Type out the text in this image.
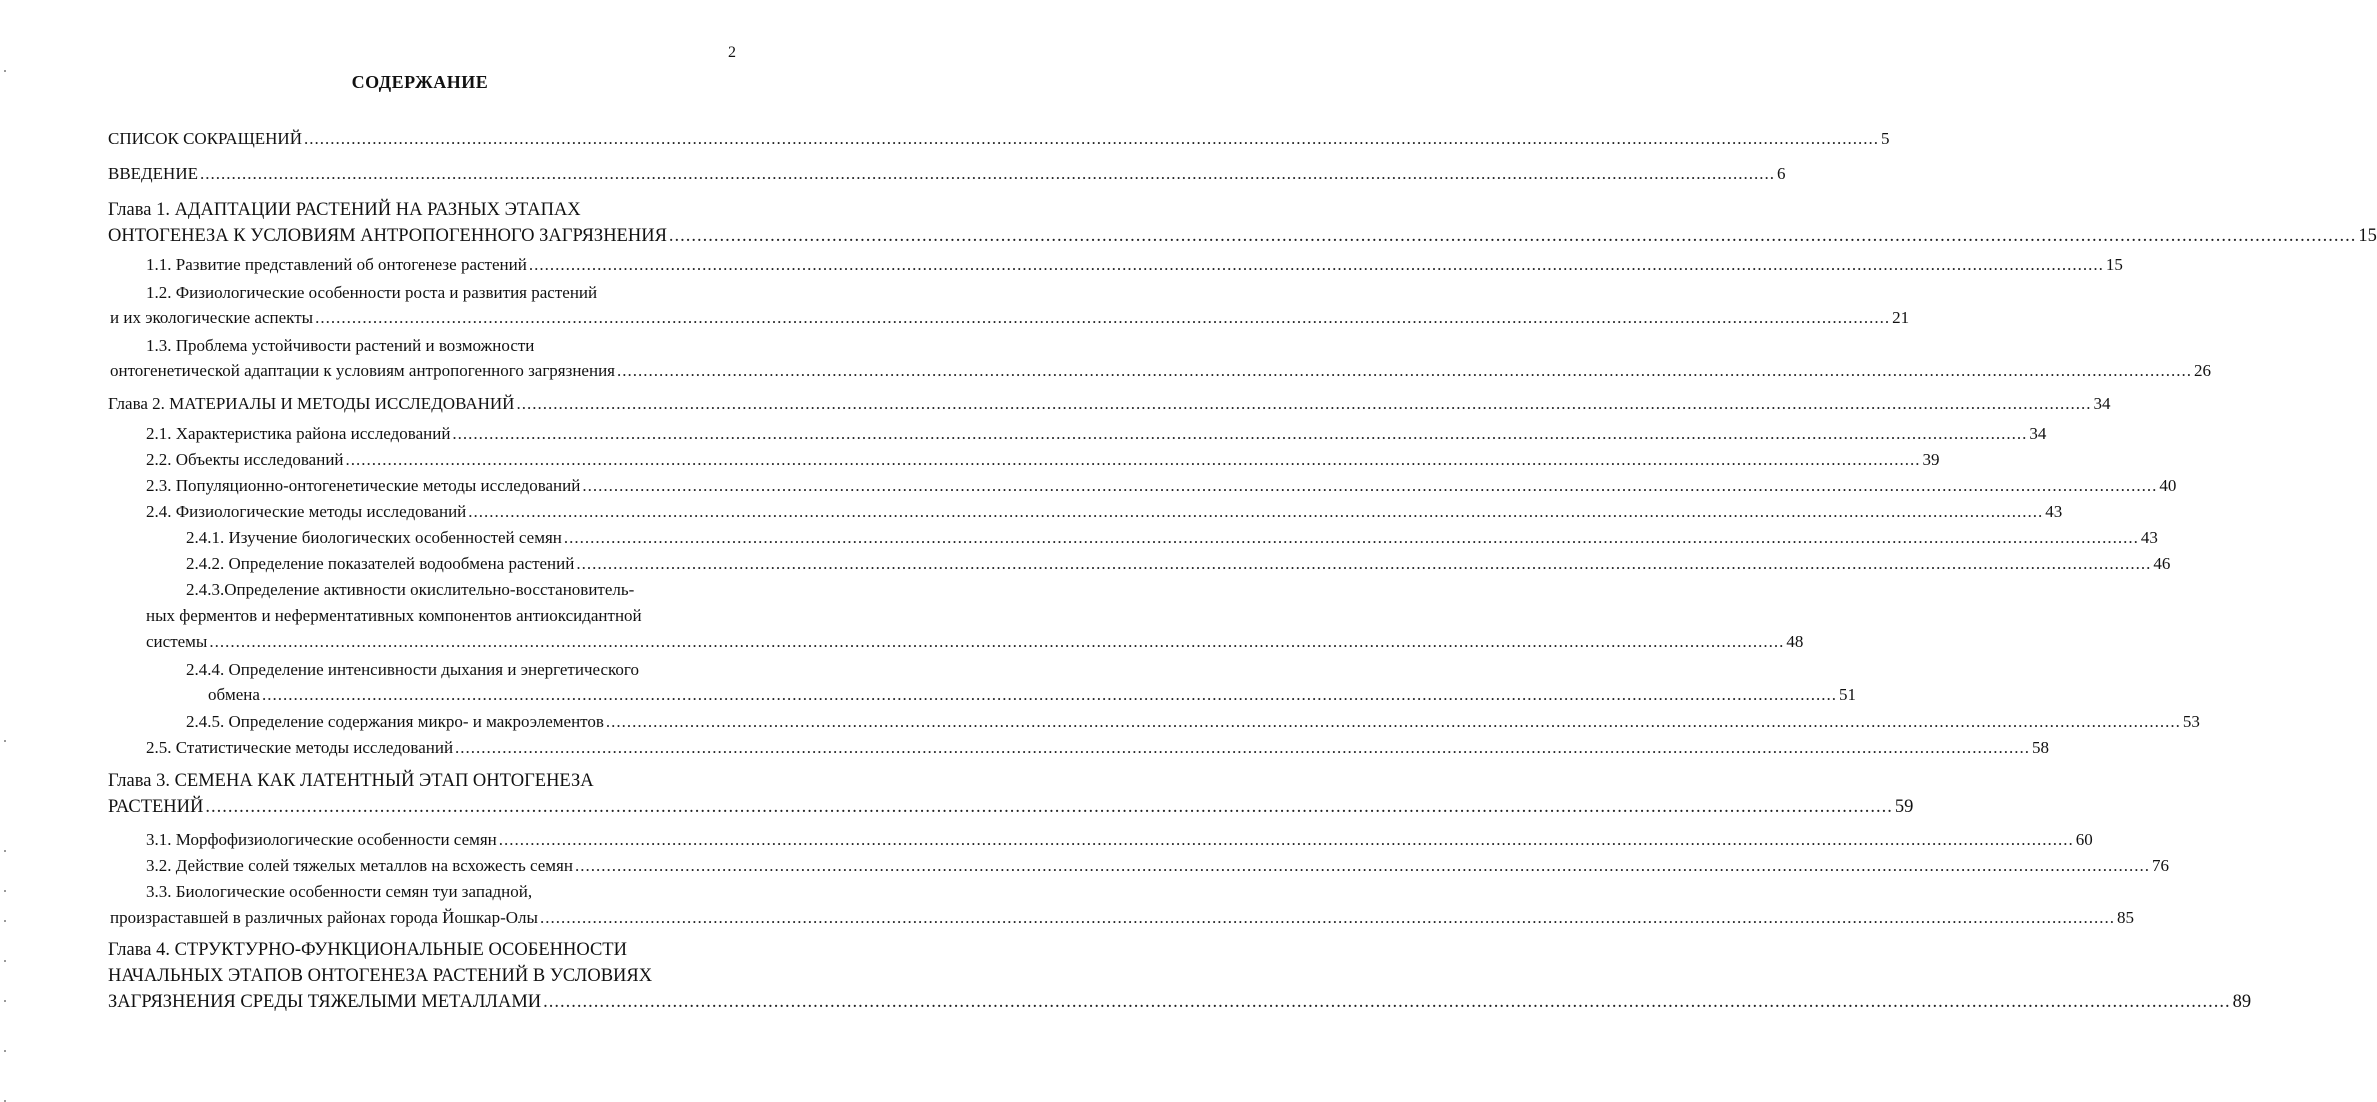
2
СОДЕРЖАНИЕ
СПИСОК СОКРАЩЕНИЙ ............................................................................................................................................................................................................................................................................................................ 5
ВВЕДЕНИЕ ............................................................................................................................................................................................................................................................................................................ 6
Глава 1. АДАПТАЦИИ РАСТЕНИЙ НА РАЗНЫХ ЭТАПАХ
ОНТОГЕНЕЗА К УСЛОВИЯМ АНТРОПОГЕННОГО ЗАГРЯЗНЕНИЯ ............................................................................................................................................................................................................................................................................................................ 15
1.1. Развитие представлений об онтогенезе растений ............................................................................................................................................................................................................................................................................................................ 15
1.2. Физиологические особенности роста и развития растений
и их экологические аспекты ............................................................................................................................................................................................................................................................................................................ 21
1.3. Проблема устойчивости растений и возможности
онтогенетической адаптации к условиям антропогенного загрязнения ............................................................................................................................................................................................................................................................................................................ 26
Глава 2. МАТЕРИАЛЫ И МЕТОДЫ ИССЛЕДОВАНИЙ ............................................................................................................................................................................................................................................................................................................ 34
2.1. Характеристика района исследований ............................................................................................................................................................................................................................................................................................................ 34
2.2. Объекты исследований ............................................................................................................................................................................................................................................................................................................ 39
2.3. Популяционно-онтогенетические методы исследований ............................................................................................................................................................................................................................................................................................................ 40
2.4. Физиологические методы исследований ............................................................................................................................................................................................................................................................................................................ 43
2.4.1. Изучение биологических особенностей семян ............................................................................................................................................................................................................................................................................................................ 43
2.4.2. Определение показателей водообмена растений ............................................................................................................................................................................................................................................................................................................ 46
2.4.3.Определение активности окислительно-восстановитель-
ных ферментов и неферментативных компонентов антиоксидантной
системы ............................................................................................................................................................................................................................................................................................................ 48
2.4.4. Определение интенсивности дыхания и энергетического
обмена ............................................................................................................................................................................................................................................................................................................ 51
2.4.5. Определение содержания микро- и макроэлементов ............................................................................................................................................................................................................................................................................................................ 53
2.5. Статистические методы исследований ............................................................................................................................................................................................................................................................................................................ 58
Глава 3. СЕМЕНА КАК ЛАТЕНТНЫЙ ЭТАП ОНТОГЕНЕЗА
РАСТЕНИЙ ............................................................................................................................................................................................................................................................................................................ 59
3.1. Морфофизиологические особенности семян ............................................................................................................................................................................................................................................................................................................ 60
3.2. Действие солей тяжелых металлов на всхожесть семян ............................................................................................................................................................................................................................................................................................................ 76
3.3. Биологические особенности семян туи западной,
произраставшей в различных районах города Йошкар-Олы ............................................................................................................................................................................................................................................................................................................ 85
Глава 4. СТРУКТУРНО-ФУНКЦИОНАЛЬНЫЕ ОСОБЕННОСТИ
НАЧАЛЬНЫХ ЭТАПОВ ОНТОГЕНЕЗА РАСТЕНИЙ В УСЛОВИЯХ
ЗАГРЯЗНЕНИЯ СРЕДЫ ТЯЖЕЛЫМИ МЕТАЛЛАМИ ............................................................................................................................................................................................................................................................................................................ 89
